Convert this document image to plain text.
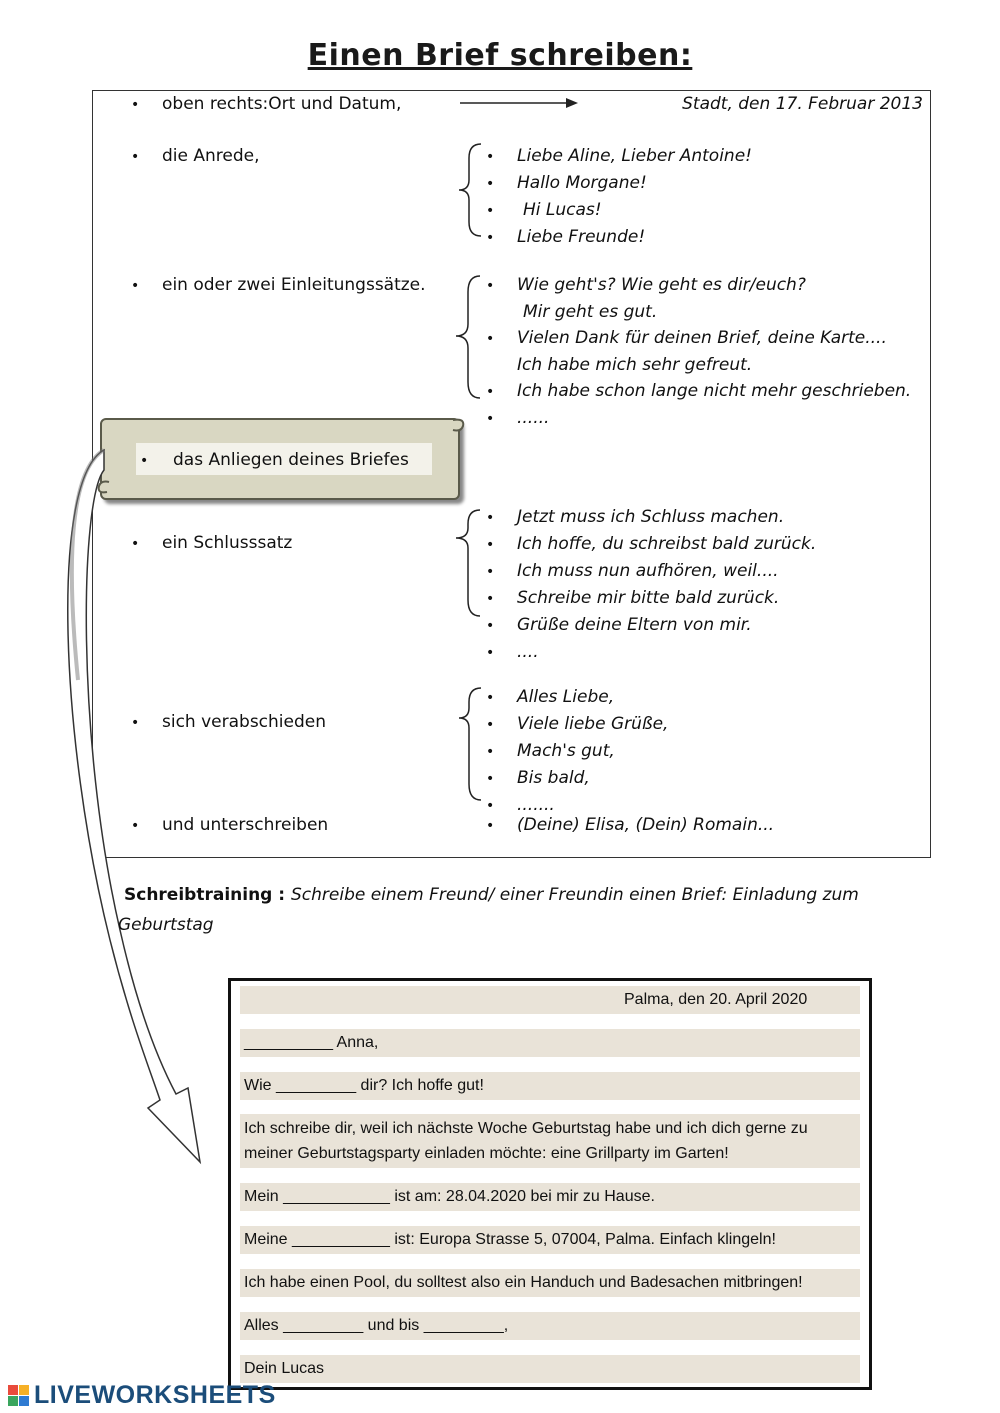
Einen Brief schreiben:
• oben rechts:Ort und Datum,	Stadt, den 17. Februar 2013
• die Anrede,	• Liebe Aline, Lieber Antoine!
• Hallo Morgane!
• Hi Lucas!
• Liebe Freunde!
• ein oder zwei Einleitungssätze.	• Wie geht's? Wie geht es dir/euch?
Mir geht es gut.
• Vielen Dank für deinen Brief, deine Karte....
Ich habe mich sehr gefreut.
• Ich habe schon lange nicht mehr geschrieben.
• ......
• das Anliegen deines Briefes
• ein Schlusssatz
• Jetzt muss ich Schluss machen.
• Ich hoffe, du schreibst bald zurück.
• Ich muss nun aufhören, weil....
• Schreibe mir bitte bald zurück.
• Grüße deine Eltern von mir.
• ....
• sich verabschieden
• Alles Liebe,
• Viele liebe Grüße,
• Mach's gut,
• Bis bald,
• .......
• und unterschreiben	• (Deine) Elisa, (Dein) Romain...
Schreibtraining : Schreibe einem Freund/ einer Freundin einen Brief: Einladung zum Geburtstag
Palma, den 20. April 2020
__________ Anna,
Wie _________ dir? Ich hoffe gut!
Ich schreibe dir, weil ich nächste Woche Geburtstag habe und ich dich gerne zu meiner Geburtstagsparty einladen möchte: eine Grillparty im Garten!
Mein ____________ ist am: 28.04.2020 bei mir zu Hause.
Meine ___________ ist: Europa Strasse 5, 07004, Palma. Einfach klingeln!
Ich habe einen Pool, du solltest also ein Handuch und Badesachen mitbringen!
Alles _________ und bis _________,
Dein Lucas
LIVEWORKSHEETS
